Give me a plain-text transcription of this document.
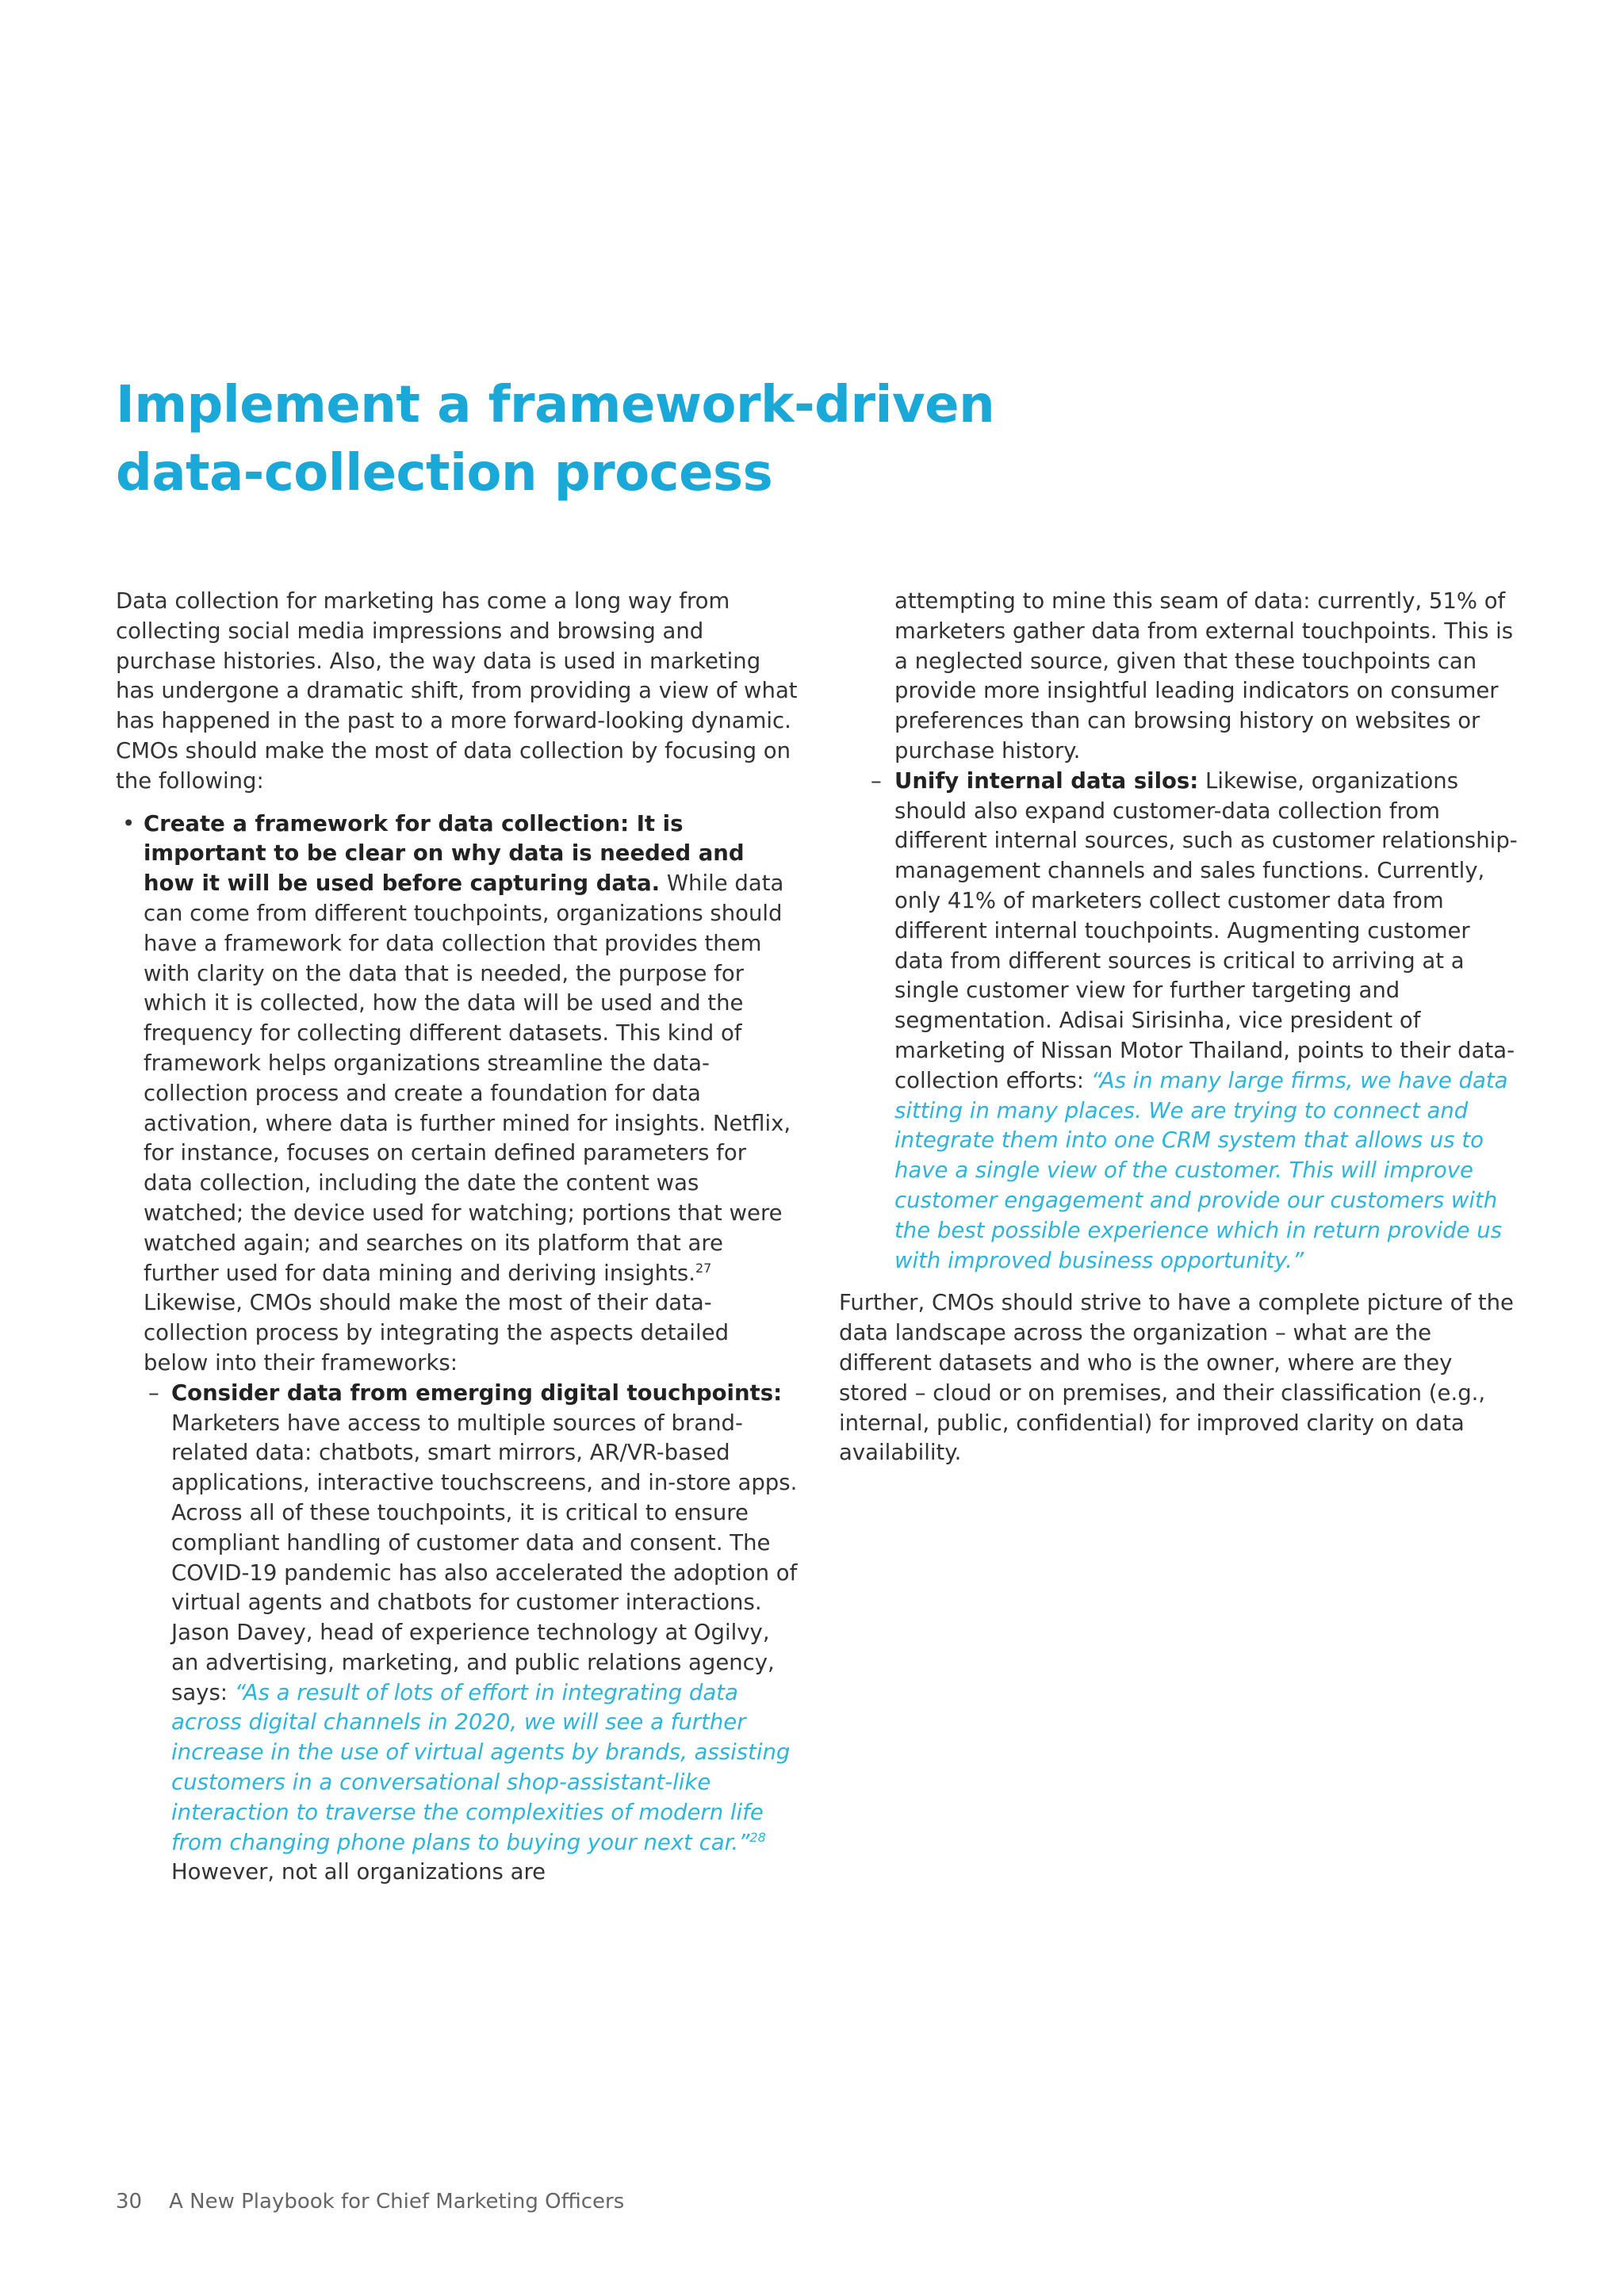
Implement a framework-driven data-collection process

Data collection for marketing has come a long way from collecting social media impressions and browsing and purchase histories. Also, the way data is used in marketing has undergone a dramatic shift, from providing a view of what has happened in the past to a more forward-looking dynamic. CMOs should make the most of data collection by focusing on the following:

• Create a framework for data collection: It is important to be clear on why data is needed and how it will be used before capturing data. While data can come from different touchpoints, organizations should have a framework for data collection that provides them with clarity on the data that is needed, the purpose for which it is collected, how the data will be used and the frequency for collecting different datasets. This kind of framework helps organizations streamline the data-collection process and create a foundation for data activation, where data is further mined for insights. Netflix, for instance, focuses on certain defined parameters for data collection, including the date the content was watched; the device used for watching; portions that were watched again; and searches on its platform that are further used for data mining and deriving insights.$^{27}$ Likewise, CMOs should make the most of their data-collection process by integrating the aspects detailed below into their frameworks:

– Consider data from emerging digital touchpoints: Marketers have access to multiple sources of brand-related data: chatbots, smart mirrors, AR/VR-based applications, interactive touchscreens, and in-store apps. Across all of these touchpoints, it is critical to ensure compliant handling of customer data and consent. The COVID-19 pandemic has also accelerated the adoption of virtual agents and chatbots for customer interactions. Jason Davey, head of experience technology at Ogilvy, an advertising, marketing, and public relations agency, says: “As a result of lots of effort in integrating data across digital channels in 2020, we will see a further increase in the use of virtual agents by brands, assisting customers in a conversational shop-assistant-like interaction to traverse the complexities of modern life from changing phone plans to buying your next car.”$^{28}$ However, not all organizations are

attempting to mine this seam of data: currently, 51% of marketers gather data from external touchpoints. This is a neglected source, given that these touchpoints can provide more insightful leading indicators on consumer preferences than can browsing history on websites or purchase history.

– Unify internal data silos: Likewise, organizations should also expand customer-data collection from different internal sources, such as customer relationship-management channels and sales functions. Currently, only 41% of marketers collect customer data from different internal touchpoints. Augmenting customer data from different sources is critical to arriving at a single customer view for further targeting and segmentation. Adisai Sirisinha, vice president of marketing of Nissan Motor Thailand, points to their data-collection efforts: “As in many large firms, we have data sitting in many places. We are trying to connect and integrate them into one CRM system that allows us to have a single view of the customer. This will improve customer engagement and provide our customers with the best possible experience which in return provide us with improved business opportunity.”

Further, CMOs should strive to have a complete picture of the data landscape across the organization – what are the different datasets and who is the owner, where are they stored – cloud or on premises, and their classification (e.g., internal, public, confidential) for improved clarity on data availability.

30 A New Playbook for Chief Marketing Officers
